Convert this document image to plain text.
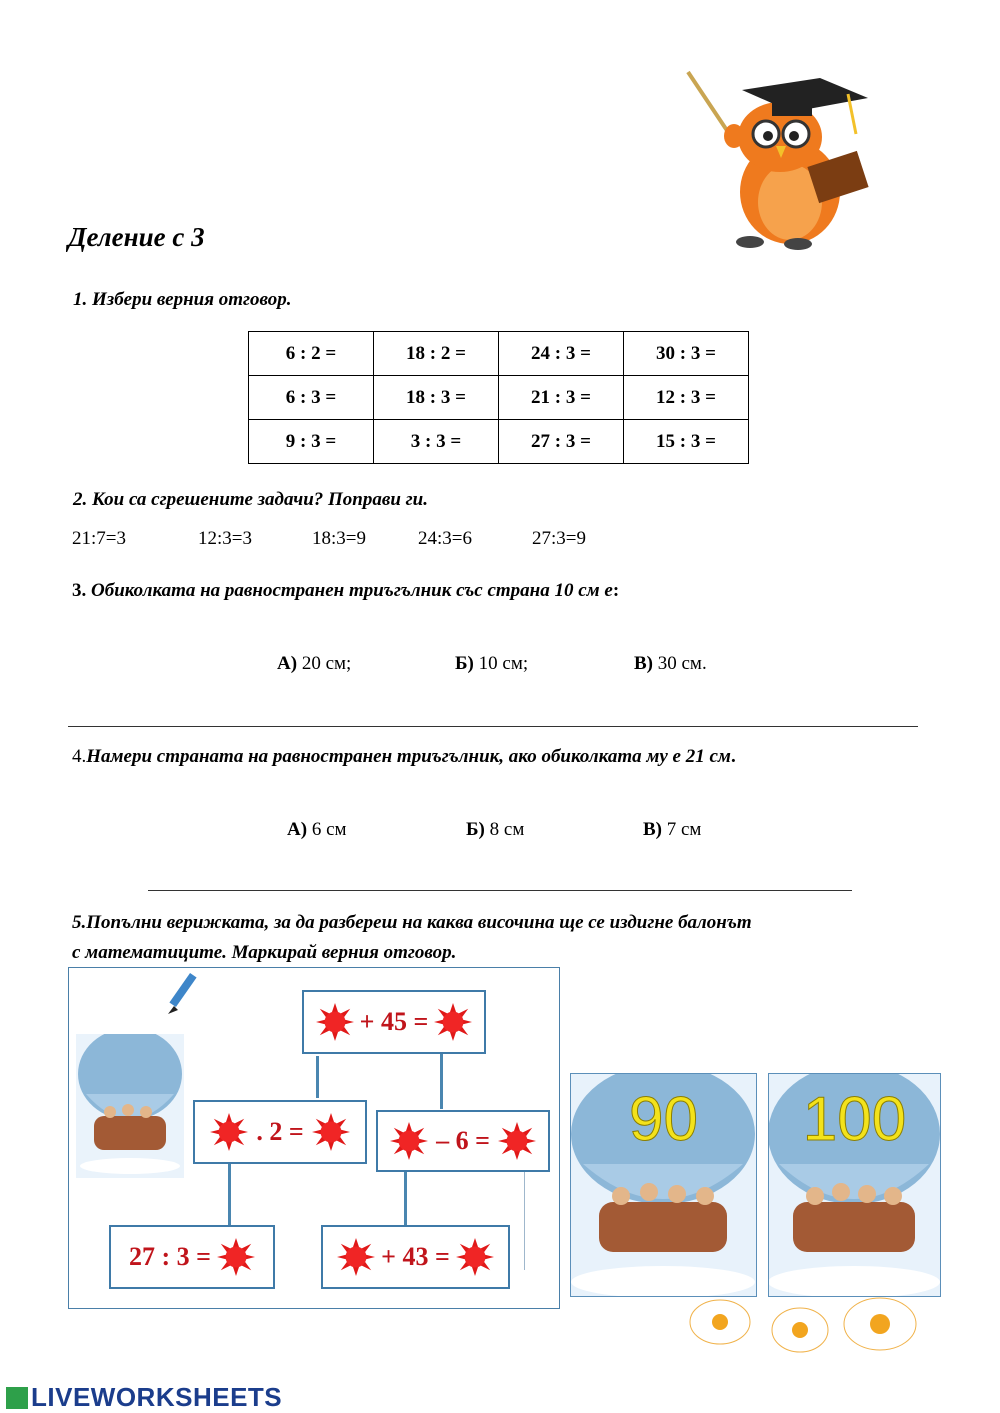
Деление с 3
1. Избери верния отговор.
6 : 2 =	18 : 2 =	24 : 3 =	30 : 3 =
6 : 3 =	18 : 3 =	21 : 3 =	12 : 3 =
9 : 3 =	3 : 3 =	27 : 3 =	15 : 3 =
2. Кои са сгрешените задачи? Поправи ги.
21:7=3	12:3=3	18:3=9	24:3=6	27:3=9
3. Обиколката на равностранен триъгълник със страна 10 см е:
А) 20 см;	Б) 10 см;	В) 30 см.
4.Намери страната на равностранен триъгълник, ако обиколката му е 21 см.
А) 6 см	Б) 8 см	В) 7 см
5.Попълни верижката, за да разбереш на каква височина ще се издигне балонът
с математиците. Маркирай верния отговор.
+ 45 =
. 2 =	– 6 =
27 : 3 =	+ 43 =
90	100
LIVEWORKSHEETS
